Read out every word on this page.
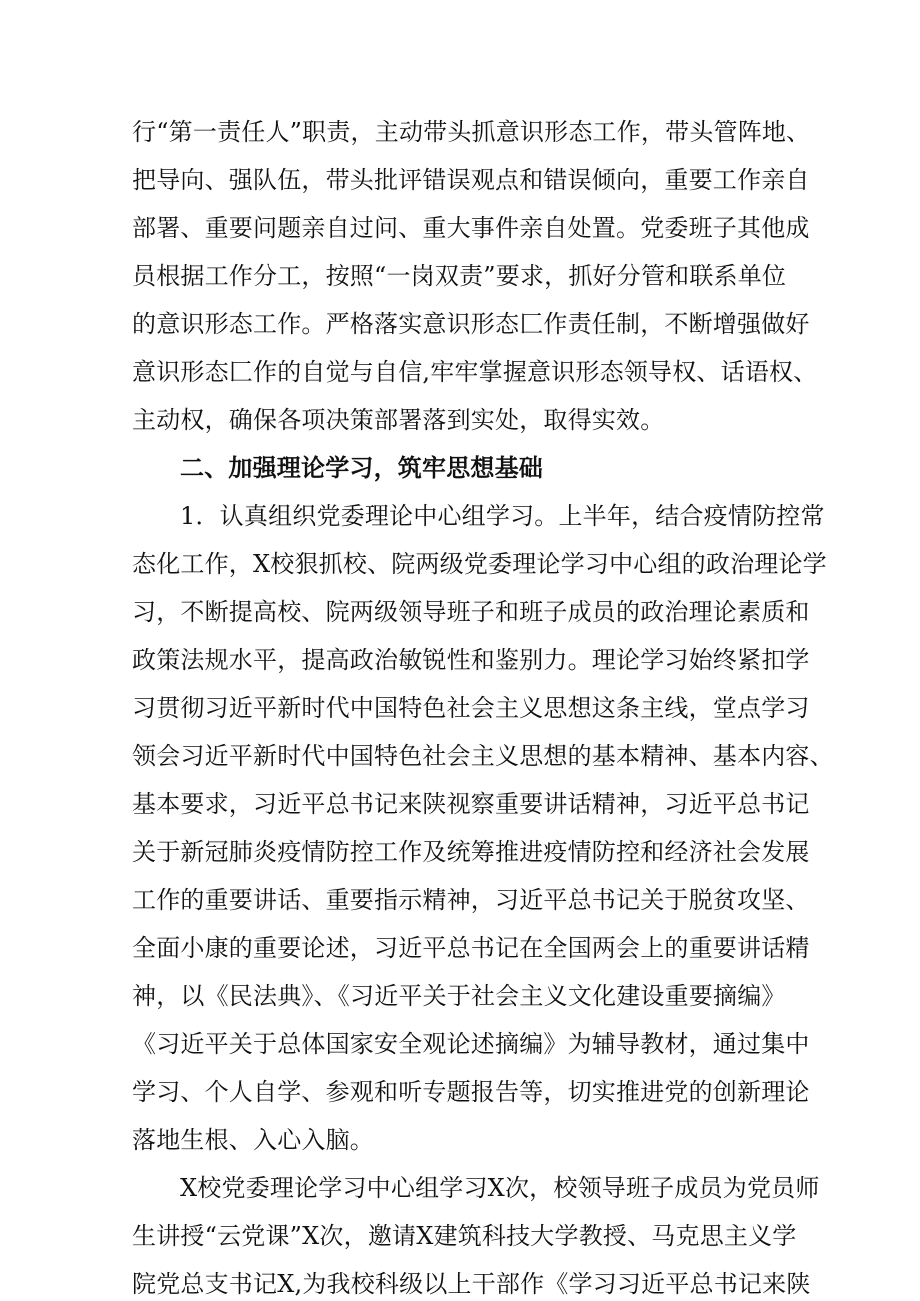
行“第一责任人”职责，主动带头抓意识形态工作，带头管阵地、
把导向、强队伍，带头批评错误观点和错误倾向，重要工作亲自
部署、重要问题亲自过问、重大事件亲自处置。党委班子其他成
员根据工作分工，按照“一岗双责”要求，抓好分管和联系单位
的意识形态工作。严格落实意识形态匚作责任制，不断增强做好
意识形态匚作的自觉与自信,牢牢掌握意识形态领导权、话语权、
主动权，确保各项决策部署落到实处，取得实效。
二、加强理论学习，筑牢思想基础
1．认真组织党委理论中心组学习。上半年，结合疫情防控常
态化工作，X校狠抓校、院两级党委理论学习中心组的政治理论学
习，不断提高校、院两级领导班子和班子成员的政治理论素质和
政策法规水平，提高政治敏锐性和鉴别力。理论学习始终紧扣学
习贯彻习近平新时代中国特色社会主义思想这条主线，堂点学习
领会习近平新时代中国特色社会主义思想的基本精神、基本内容、
基本要求，习近平总书记来陕视察重要讲话精神，习近平总书记
关于新冠肺炎疫情防控工作及统筹推进疫情防控和经济社会发展
工作的重要讲话、重要指示精神，习近平总书记关于脱贫攻坚、
全面小康的重要论述，习近平总书记在全国两会上的重要讲话精
神，以《民法典》、《习近平关于社会主义文化建设重要摘编》
《习近平关于总体国家安全观论述摘编》为辅导教材，通过集中
学习、个人自学、参观和听专题报告等，切实推进党的创新理论
落地生根、入心入脑。
X校党委理论学习中心组学习X次，校领导班子成员为党员师
生讲授“云党课”X次，邀请X建筑科技大学教授、马克思主义学
院党总支书记X,为我校科级以上干部作《学习习近平总书记来陕
